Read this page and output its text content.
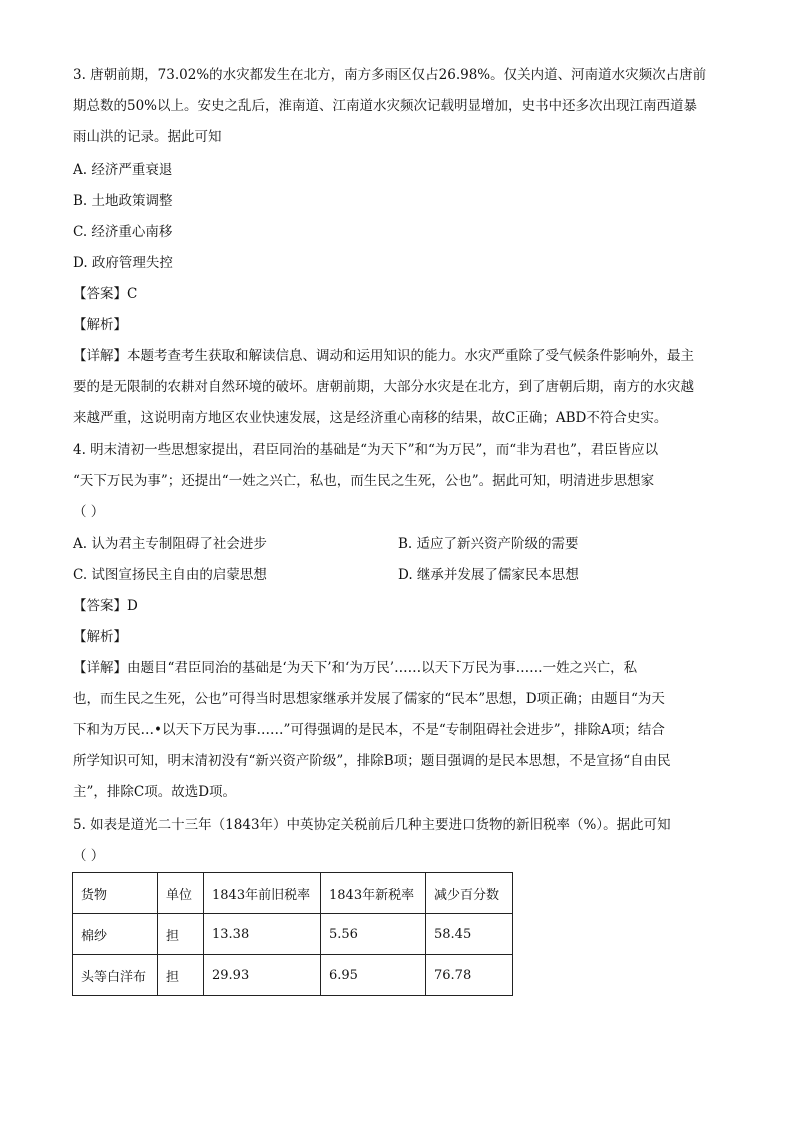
3. 唐朝前期，73.02%的水灾都发生在北方，南方多雨区仅占26.98%。仅关内道、河南道水灾频次占唐前
期总数的50%以上。安史之乱后，淮南道、江南道水灾频次记载明显增加，史书中还多次出现江南西道暴
雨山洪的记录。据此可知
A. 经济严重衰退
B. 土地政策调整
C. 经济重心南移
D. 政府管理失控
【答案】C
【解析】
【详解】本题考查考生获取和解读信息、调动和运用知识的能力。水灾严重除了受气候条件影响外，最主
要的是无限制的农耕对自然环境的破坏。唐朝前期，大部分水灾是在北方，到了唐朝后期，南方的水灾越
来越严重，这说明南方地区农业快速发展，这是经济重心南移的结果，故C正确；ABD不符合史实。
4. 明末清初一些思想家提出，君臣同治的基础是“为天下”和“为万民”，而“非为君也”，君臣皆应以
“天下万民为事”；还提出“一姓之兴亡，私也，而生民之生死，公也”。据此可知，明清进步思想家
（ ）
A. 认为君主专制阻碍了社会进步	B. 适应了新兴资产阶级的需要
C. 试图宣扬民主自由的启蒙思想	D. 继承并发展了儒家民本思想
【答案】D
【解析】
【详解】由题目“君臣同治的基础是‘为天下’和‘为万民’……以天下万民为事……一姓之兴亡，私
也，而生民之生死，公也”可得当时思想家继承并发展了儒家的“民本”思想，D项正确；由题目“为天
下和为万民…•以天下万民为事……”可得强调的是民本，不是“专制阻碍社会进步”，排除A项；结合
所学知识可知，明末清初没有“新兴资产阶级”，排除B项；题目强调的是民本思想，不是宣扬“自由民
主”，排除C项。故选D项。
5. 如表是道光二十三年（1843年）中英协定关税前后几种主要进口货物的新旧税率（%）。据此可知
（ ）
货物	单位	1843年前旧税率	1843年新税率	减少百分数
棉纱	担	13.38	5.56	58.45
头等白洋布	担	29.93	6.95	76.78
